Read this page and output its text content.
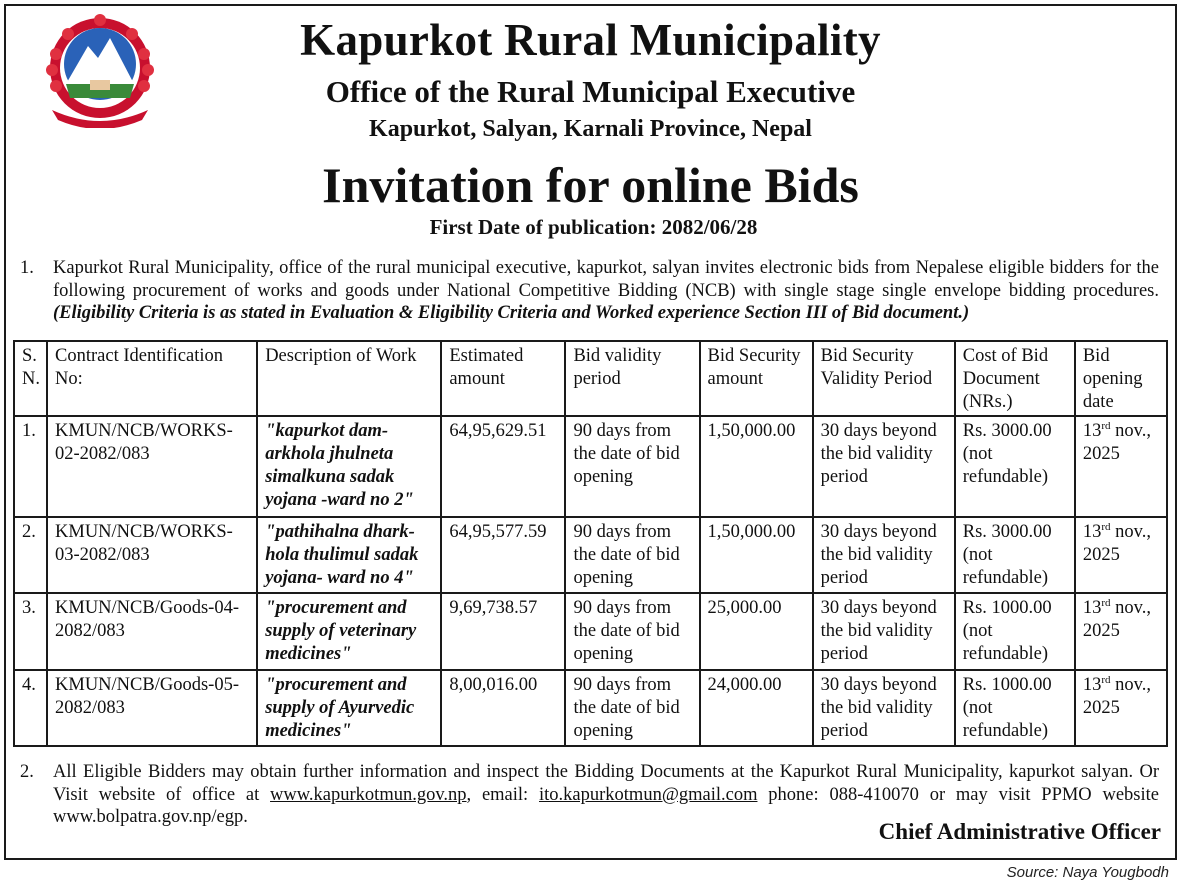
Kapurkot Rural Municipality
Office of the Rural Municipal Executive
Kapurkot, Salyan, Karnali Province, Nepal
Invitation for online Bids
First Date of publication: 2082/06/28
1.	Kapurkot Rural Municipality, office of the rural municipal executive, kapurkot, salyan invites electronic bids from Nepalese eligible bidders for the following procurement of works and goods under National Competitive Bidding (NCB) with single stage single envelope bidding procedures. (Eligibility Criteria is as stated in Evaluation & Eligibility Criteria and Worked experience Section III of Bid document.)
S. N.	Contract Identification No:	Description of Work	Estimated amount	Bid validity period	Bid Security amount	Bid Security Validity Period	Cost of Bid Document (NRs.)	Bid opening date
1.	KMUN/NCB/WORKS-02-2082/083	"kapurkot dam-arkhola jhulneta simalkuna sadak yojana -ward no 2"	64,95,629.51	90 days from the date of bid opening	1,50,000.00	30 days beyond the bid validity period	Rs. 3000.00 (not refundable)	13rd nov., 2025
2.	KMUN/NCB/WORKS-03-2082/083	"pathihalna dhark-hola thulimul sadak yojana- ward no 4"	64,95,577.59	90 days from the date of bid opening	1,50,000.00	30 days beyond the bid validity period	Rs. 3000.00 (not refundable)	13rd nov., 2025
3.	KMUN/NCB/Goods-04-2082/083	"procurement and supply of veterinary medicines"	9,69,738.57	90 days from the date of bid opening	25,000.00	30 days beyond the bid validity period	Rs. 1000.00 (not refundable)	13rd nov., 2025
4.	KMUN/NCB/Goods-05-2082/083	"procurement and supply of Ayurvedic medicines"	8,00,016.00	90 days from the date of bid opening	24,000.00	30 days beyond the bid validity period	Rs. 1000.00 (not refundable)	13rd nov., 2025
2.	All Eligible Bidders may obtain further information and inspect the Bidding Documents at the Kapurkot Rural Municipality, kapurkot salyan. Or Visit website of office at www.kapurkotmun.gov.np, email: ito.kapurkotmun@gmail.com phone: 088-410070 or may visit PPMO website www.bolpatra.gov.np/egp.
Chief Administrative Officer
Source: Naya Yougbodh
